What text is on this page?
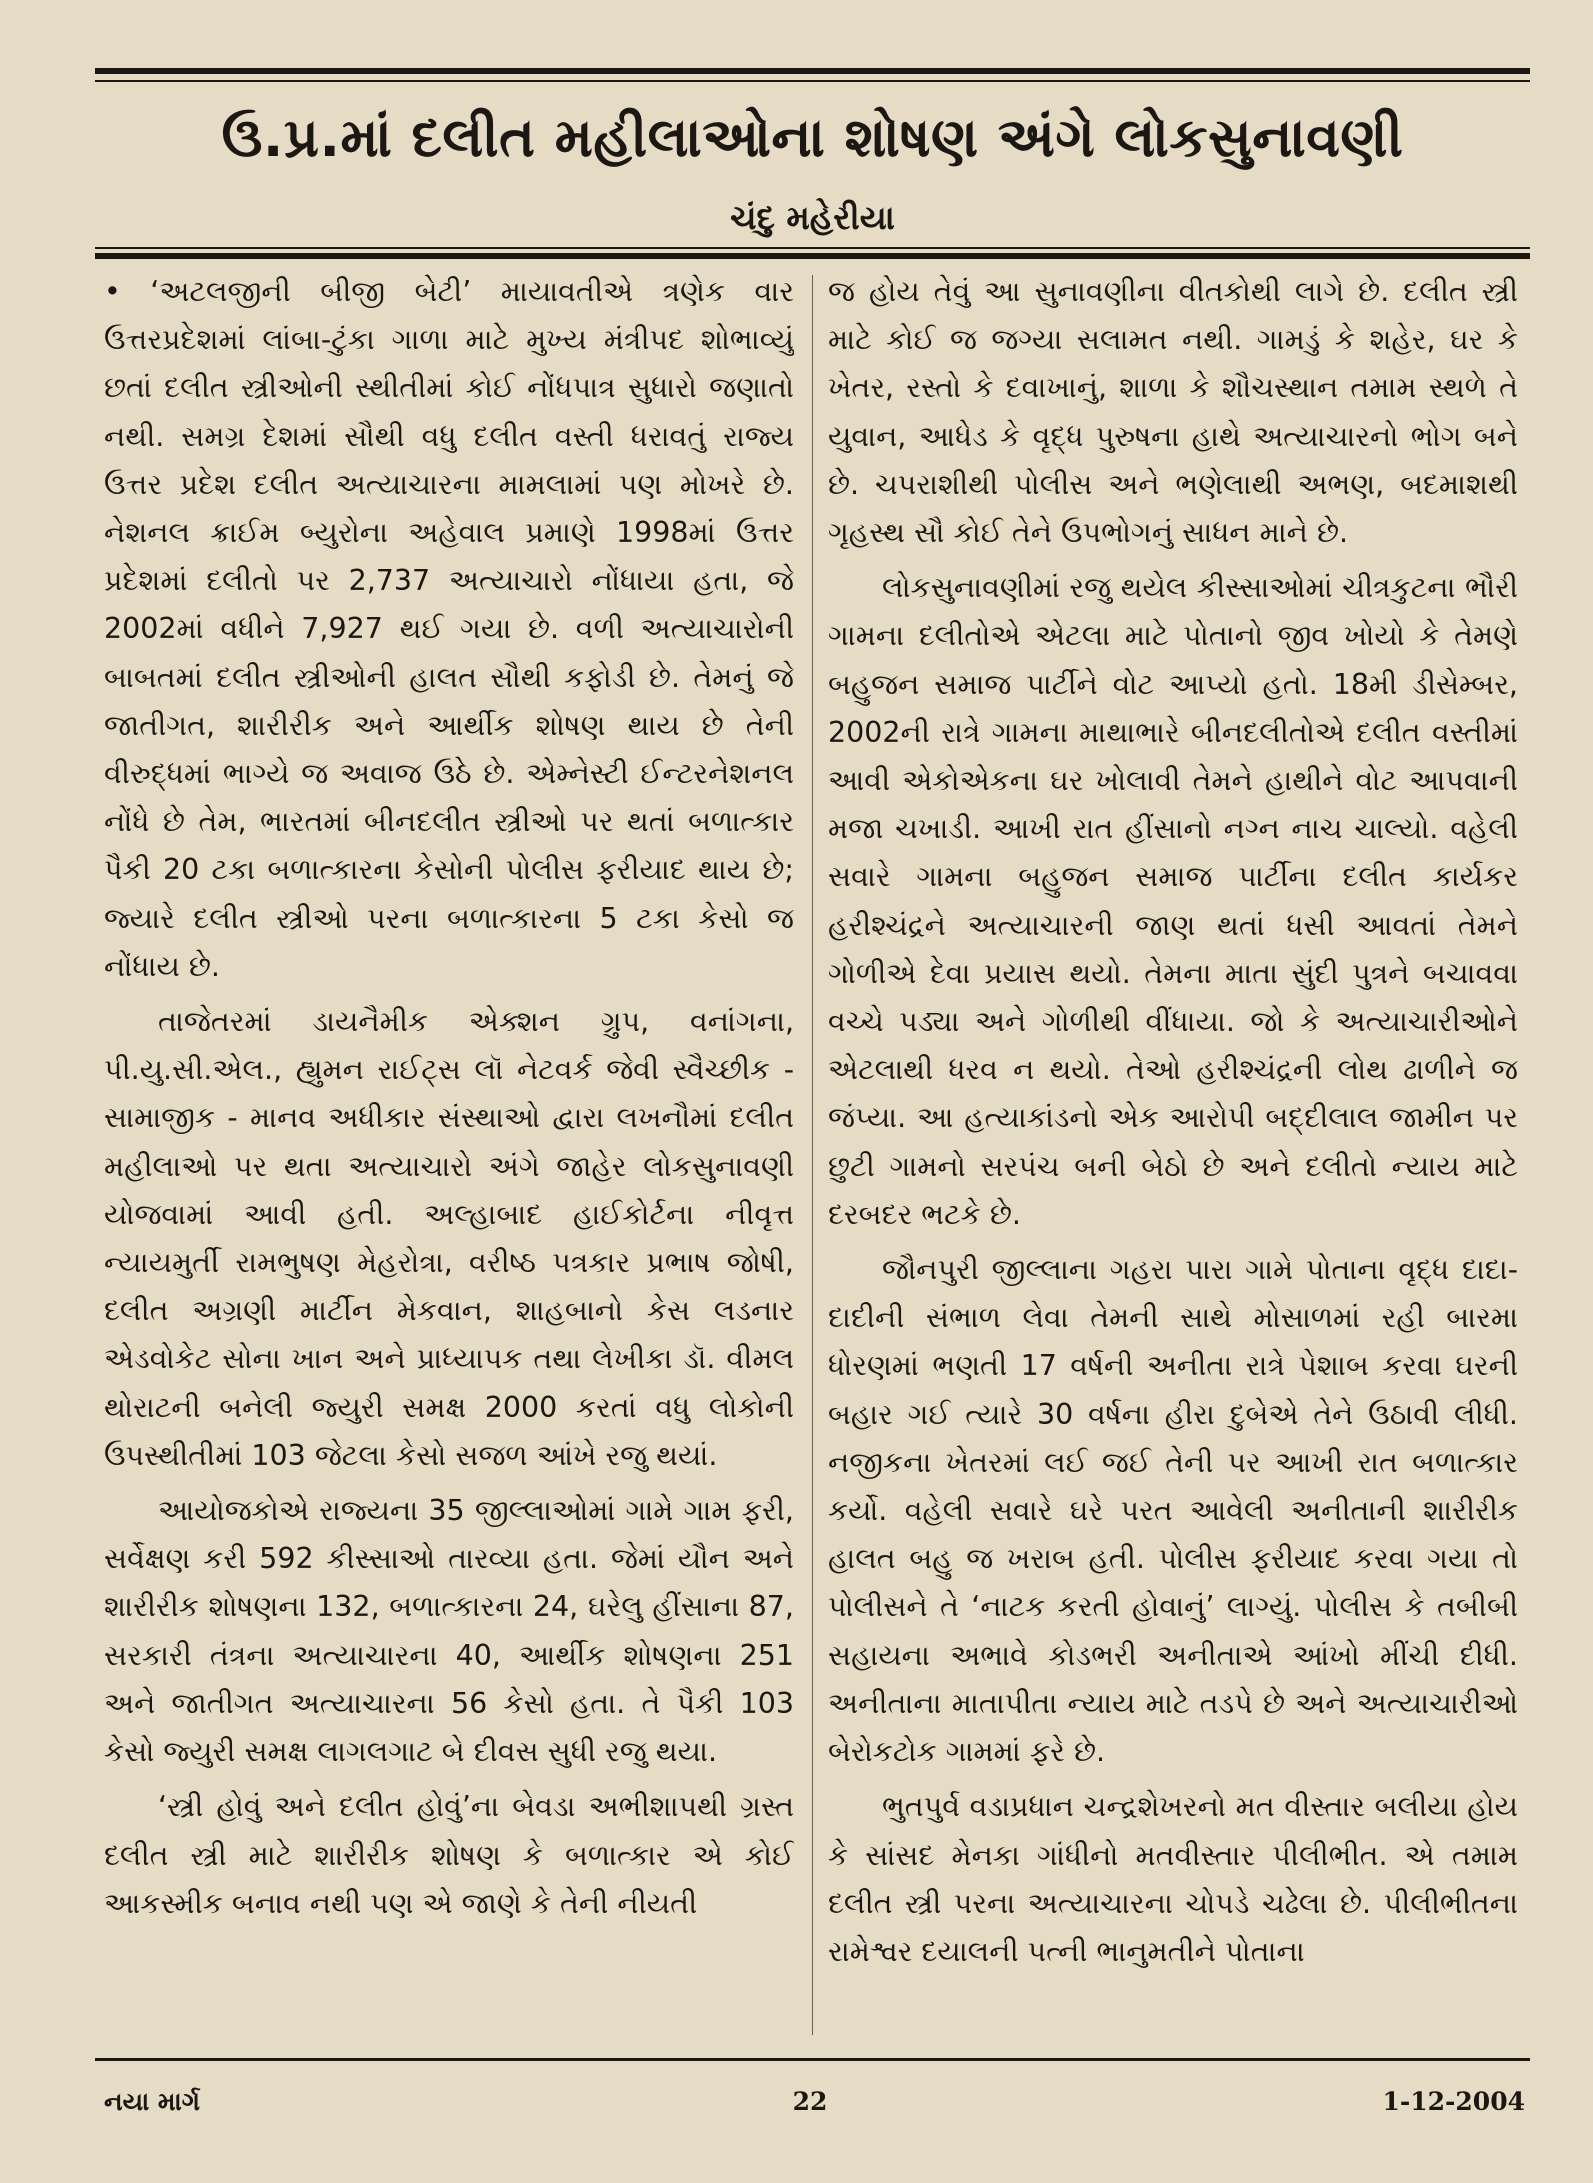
ઉ.પ્ર.માં દલીત મહીલાઓના શોષણ અંગે લોકસુનાવણી
ચંદુ મહેરીયા

• ‘અટલજીની બીજી બેટી’ માયાવતીએ ત્રણેક વાર ઉત્તરપ્રદેશમાં લાંબા-ટુંકા ગાળા માટે મુખ્ય મંત્રીપદ શોભાવ્યું છતાં દલીત સ્ત્રીઓની સ્થીતીમાં કોઈ નોંધપાત્ર સુધારો જણાતો નથી. સમગ્ર દેશમાં સૌથી વધુ દલીત વસ્તી ધરાવતું રાજ્ય ઉત્તર પ્રદેશ દલીત અત્યાચારના મામલામાં પણ મોખરે છે. નેશનલ ક્રાઈમ બ્યુરોના અહેવાલ પ્રમાણે 1998માં ઉત્તર પ્રદેશમાં દલીતો પર 2,737 અત્યાચારો નોંધાયા હતા, જે 2002માં વધીને 7,927 થઈ ગયા છે. વળી અત્યાચારોની બાબતમાં દલીત સ્ત્રીઓની હાલત સૌથી કફોડી છે. તેમનું જે જાતીગત, શારીરીક અને આર્થીક શોષણ થાય છે તેની વીરુદ્ધમાં ભાગ્યે જ અવાજ ઉઠે છે. એમ્નેસ્ટી ઈન્ટરનેશનલ નોંધે છે તેમ, ભારતમાં બીનદલીત સ્ત્રીઓ પર થતાં બળાત્કાર પૈકી 20 ટકા બળાત્કારના કેસોની પોલીસ ફરીયાદ થાય છે; જ્યારે દલીત સ્ત્રીઓ પરના બળાત્કારના 5 ટકા કેસો જ નોંધાય છે.

તાજેતરમાં ડાયનૈમીક એક્શન ગ્રુપ, વનાંગના, પી.યુ.સી.એલ., હ્યુમન રાઈટ્સ લૉ નેટવર્ક જેવી સ્વૈચ્છીક - સામાજીક - માનવ અધીકાર સંસ્થાઓ દ્વારા લખનૌમાં દલીત મહીલાઓ પર થતા અત્યાચારો અંગે જાહેર લોકસુનાવણી યોજવામાં આવી હતી. અલ્હાબાદ હાઈકોર્ટના નીવૃત્ત ન્યાયમુર્તી રામભુષણ મેહરોત્રા, વરીષ્ઠ પત્રકાર પ્રભાષ જોષી, દલીત અગ્રણી માર્ટીન મેકવાન, શાહબાનો કેસ લડનાર એડવોકેટ સોના ખાન અને પ્રાધ્યાપક તથા લેખીકા ડૉ. વીમલ થોરાટની બનેલી જ્યુરી સમક્ષ 2000 કરતાં વધુ લોકોની ઉપસ્થીતીમાં 103 જેટલા કેસો સજળ આંખે રજુ થયાં.

આયોજકોએ રાજ્યના 35 જીલ્લાઓમાં ગામે ગામ ફરી, સર્વેક્ષણ કરી 592 કીસ્સાઓ તારવ્યા હતા. જેમાં યૌન અને શારીરીક શોષણના 132, બળાત્કારના 24, ઘરેલુ હીંસાના 87, સરકારી તંત્રના અત્યાચારના 40, આર્થીક શોષણના 251 અને જાતીગત અત્યાચારના 56 કેસો હતા. તે પૈકી 103 કેસો જ્યુરી સમક્ષ લાગલગાટ બે દીવસ સુધી રજુ થયા.

‘સ્ત્રી હોવું અને દલીત હોવું’ના બેવડા અભીશાપથી ગ્રસ્ત દલીત સ્ત્રી માટે શારીરીક શોષણ કે બળાત્કાર એ કોઈ આકસ્મીક બનાવ નથી પણ એ જાણે કે તેની નીયતી

જ હોય તેવું આ સુનાવણીના વીતકોથી લાગે છે. દલીત સ્ત્રી માટે કોઈ જ જગ્યા સલામત નથી. ગામડું કે શહેર, ઘર કે ખેતર, રસ્તો કે દવાખાનું, શાળા કે શૌચસ્થાન તમામ સ્થળે તે યુવાન, આધેડ કે વૃદ્ધ પુરુષના હાથે અત્યાચારનો ભોગ બને છે. ચપરાશીથી પોલીસ અને ભણેલાથી અભણ, બદમાશથી ગૃહસ્થ સૌ કોઈ તેને ઉપભોગનું સાધન માને છે.

લોકસુનાવણીમાં રજુ થયેલ કીસ્સાઓમાં ચીત્રકુટના ભૌરી ગામના દલીતોએ એટલા માટે પોતાનો જીવ ખોયો કે તેમણે બહુજન સમાજ પાર્ટીને વોટ આપ્યો હતો. 18મી ડીસેમ્બર, 2002ની રાત્રે ગામના માથાભારે બીનદલીતોએ દલીત વસ્તીમાં આવી એકોએકના ઘર ખોલાવી તેમને હાથીને વોટ આપવાની મજા ચખાડી. આખી રાત હીંસાનો નગ્ન નાચ ચાલ્યો. વહેલી સવારે ગામના બહુજન સમાજ પાર્ટીના દલીત કાર્યકર હરીશ્ચંદ્રને અત્યાચારની જાણ થતાં ધસી આવતાં તેમને ગોળીએ દેવા પ્રયાસ થયો. તેમના માતા સુંદી પુત્રને બચાવવા વચ્ચે પડ્યા અને ગોળીથી વીંધાયા. જો કે અત્યાચારીઓને એટલાથી ધરવ ન થયો. તેઓ હરીશ્ચંદ્રની લોથ ઢાળીને જ જંપ્યા. આ હત્યાકાંડનો એક આરોપી બદ્દીલાલ જામીન પર છુટી ગામનો સરપંચ બની બેઠો છે અને દલીતો ન્યાય માટે દરબદર ભટકે છે.

જૌનપુરી જીલ્લાના ગહરા પારા ગામે પોતાના વૃદ્ધ દાદા-દાદીની સંભાળ લેવા તેમની સાથે મોસાળમાં રહી બારમા ધોરણમાં ભણતી 17 વર્ષની અનીતા રાત્રે પેશાબ કરવા ઘરની બહાર ગઈ ત્યારે 30 વર્ષના હીરા દુબેએ તેને ઉઠાવી લીધી. નજીકના ખેતરમાં લઈ જઈ તેની પર આખી રાત બળાત્કાર કર્યો. વહેલી સવારે ઘરે પરત આવેલી અનીતાની શારીરીક હાલત બહુ જ ખરાબ હતી. પોલીસ ફરીયાદ કરવા ગયા તો પોલીસને તે ‘નાટક કરતી હોવાનું’ લાગ્યું. પોલીસ કે તબીબી સહાયના અભાવે કોડભરી અનીતાએ આંખો મીંચી દીધી. અનીતાના માતાપીતા ન્યાય માટે તડપે છે અને અત્યાચારીઓ બેરોકટોક ગામમાં ફરે છે.

ભુતપુર્વ વડાપ્રધાન ચન્દ્રશેખરનો મત વીસ્તાર બલીયા હોય કે સાંસદ મેનકા ગાંધીનો મતવીસ્તાર પીલીભીત. એ તમામ દલીત સ્ત્રી પરના અત્યાચારના ચોપડે ચઢેલા છે. પીલીભીતના રામેશ્વર દયાલની પત્ની ભાનુમતીને પોતાના

નયા માર્ગ	22	1-12-2004
